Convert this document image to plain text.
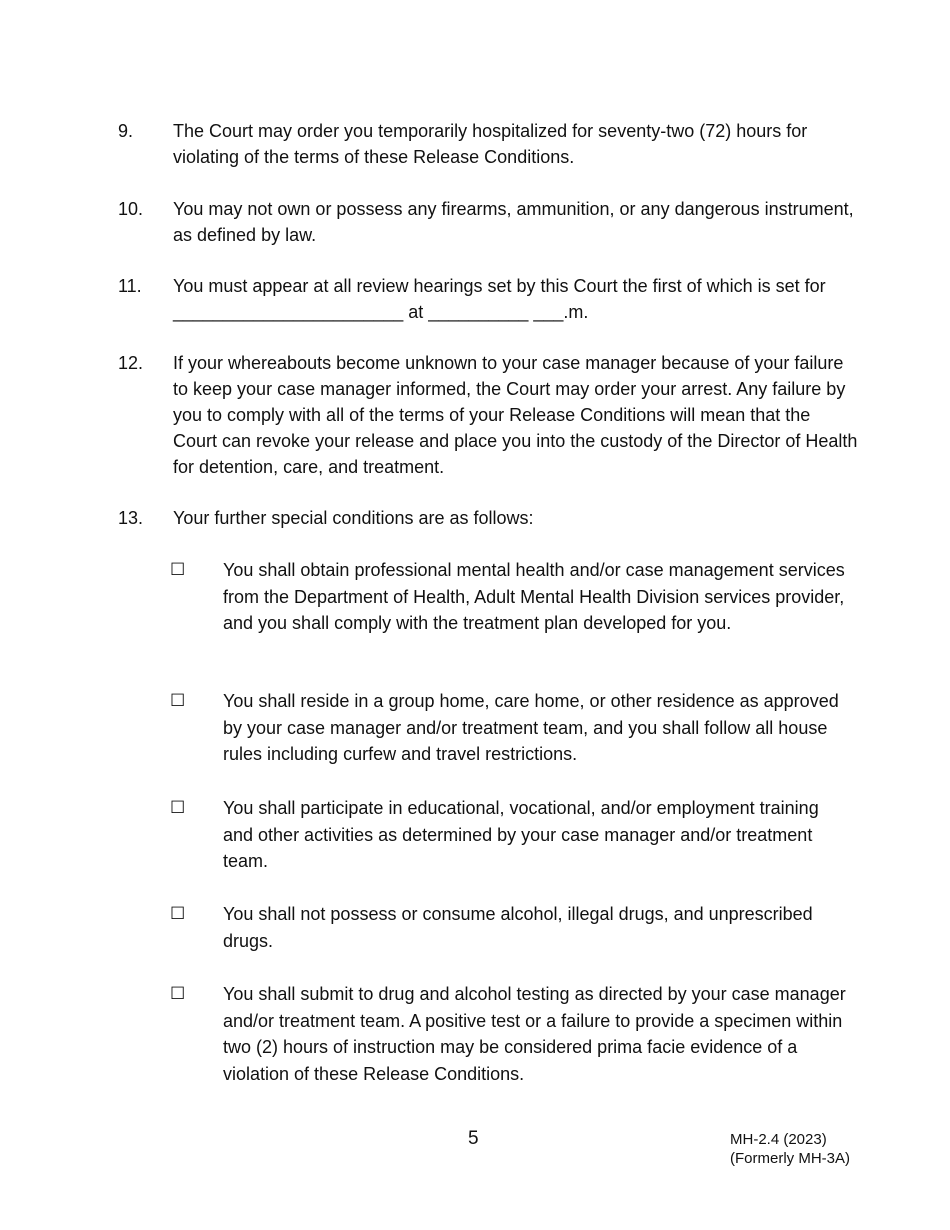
9. The Court may order you temporarily hospitalized for seventy-two (72) hours for violating of the terms of these Release Conditions.
10. You may not own or possess any firearms, ammunition, or any dangerous instrument, as defined by law.
11. You must appear at all review hearings set by this Court the first of which is set for _______________________ at __________ ___.m.
12. If your whereabouts become unknown to your case manager because of your failure to keep your case manager informed, the Court may order your arrest. Any failure by you to comply with all of the terms of your Release Conditions will mean that the Court can revoke your release and place you into the custody of the Director of Health for detention, care, and treatment.
13. Your further special conditions are as follows:
☐ You shall obtain professional mental health and/or case management services from the Department of Health, Adult Mental Health Division services provider, and you shall comply with the treatment plan developed for you.
☐ You shall reside in a group home, care home, or other residence as approved by your case manager and/or treatment team, and you shall follow all house rules including curfew and travel restrictions.
☐ You shall participate in educational, vocational, and/or employment training and other activities as determined by your case manager and/or treatment team.
☐ You shall not possess or consume alcohol, illegal drugs, and unprescribed drugs.
☐ You shall submit to drug and alcohol testing as directed by your case manager and/or treatment team. A positive test or a failure to provide a specimen within two (2) hours of instruction may be considered prima facie evidence of a violation of these Release Conditions.
5	MH-2.4 (2023)
(Formerly MH-3A)
